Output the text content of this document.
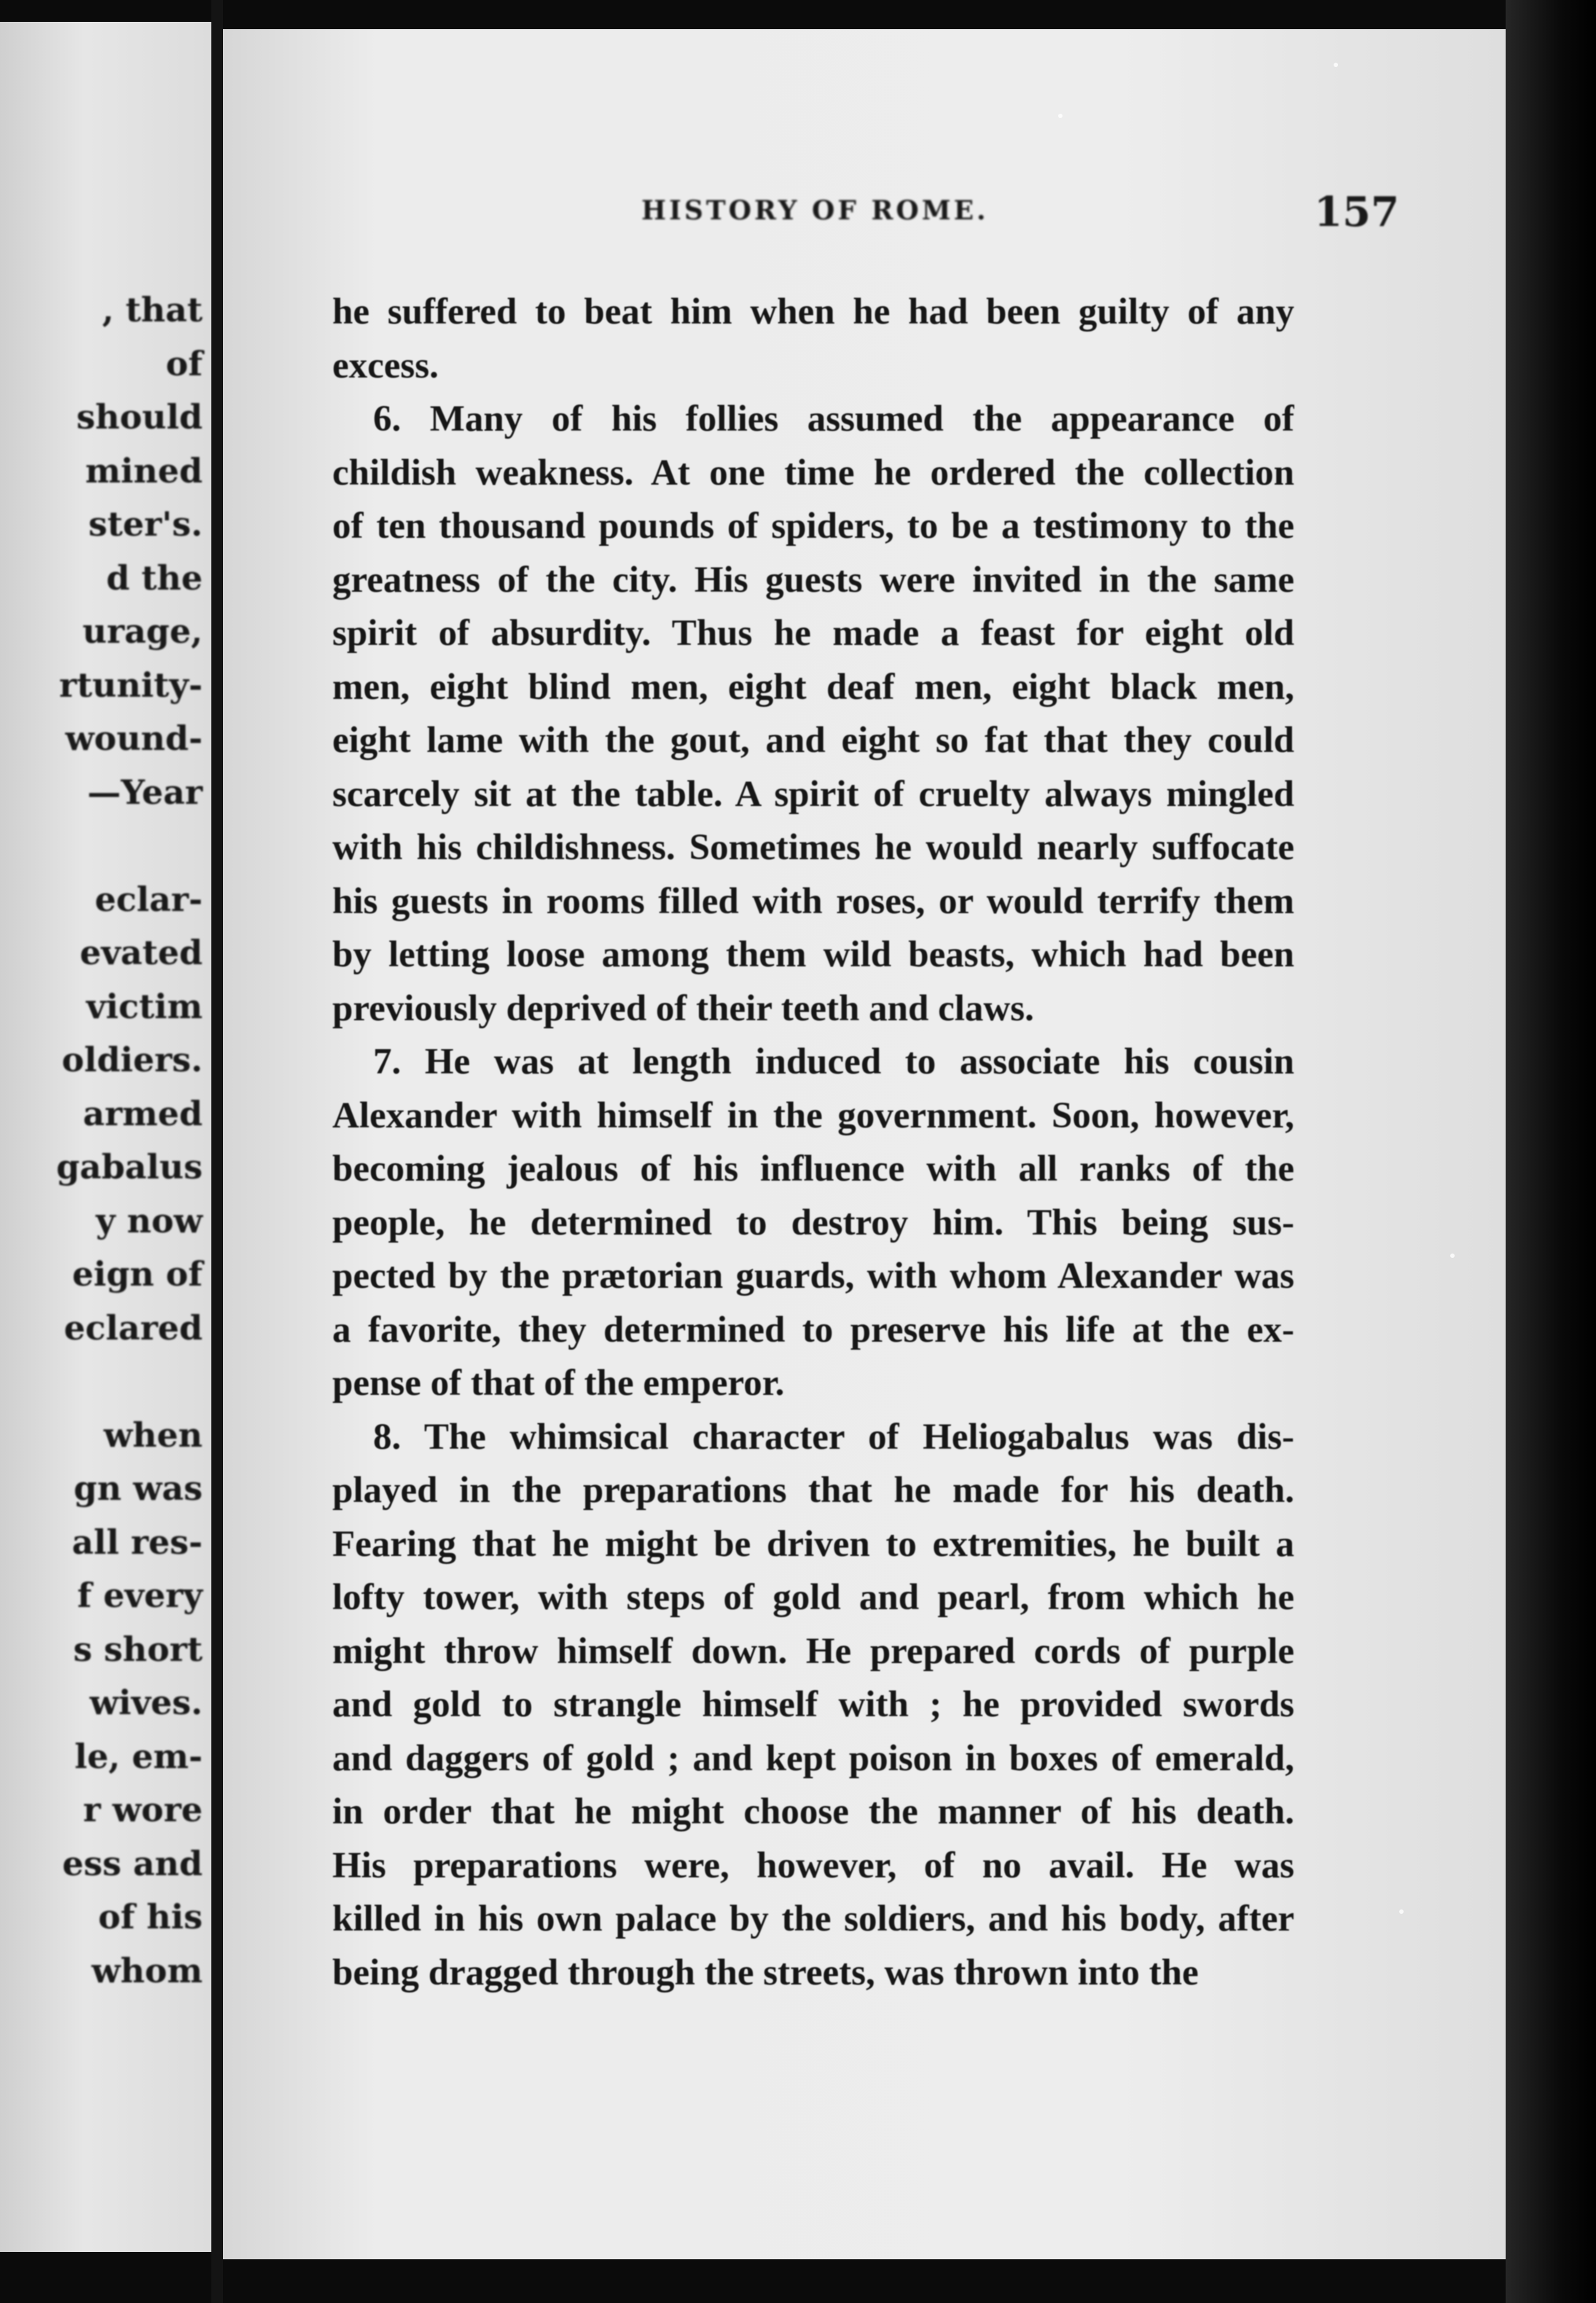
, that
of
should
mined
ster's.
d the
urage,
rtunity-
wound-
—Year
eclar-
evated
victim
oldiers.
armed
gabalus
y now
eign of
eclared
when
gn was
all res-
f every
s short
wives.
le, em-
r wore
ess and
of his
whom
HISTORY OF ROME.	157
he suffered to beat him when he had been guilty of any
excess.
6. Many of his follies assumed the appearance of
childish weakness. At one time he ordered the collection
of ten thousand pounds of spiders, to be a testimony to the
greatness of the city. His guests were invited in the same
spirit of absurdity. Thus he made a feast for eight old
men, eight blind men, eight deaf men, eight black men,
eight lame with the gout, and eight so fat that they could
scarcely sit at the table. A spirit of cruelty always mingled
with his childishness. Sometimes he would nearly suffocate
his guests in rooms filled with roses, or would terrify them
by letting loose among them wild beasts, which had been
previously deprived of their teeth and claws.
7. He was at length induced to associate his cousin
Alexander with himself in the government. Soon, however,
becoming jealous of his influence with all ranks of the
people, he determined to destroy him. This being sus-
pected by the prætorian guards, with whom Alexander was
a favorite, they determined to preserve his life at the ex-
pense of that of the emperor.
8. The whimsical character of Heliogabalus was dis-
played in the preparations that he made for his death.
Fearing that he might be driven to extremities, he built a
lofty tower, with steps of gold and pearl, from which he
might throw himself down. He prepared cords of purple
and gold to strangle himself with ; he provided swords
and daggers of gold ; and kept poison in boxes of emerald,
in order that he might choose the manner of his death.
His preparations were, however, of no avail. He was
killed in his own palace by the soldiers, and his body, after
being dragged through the streets, was thrown into the
